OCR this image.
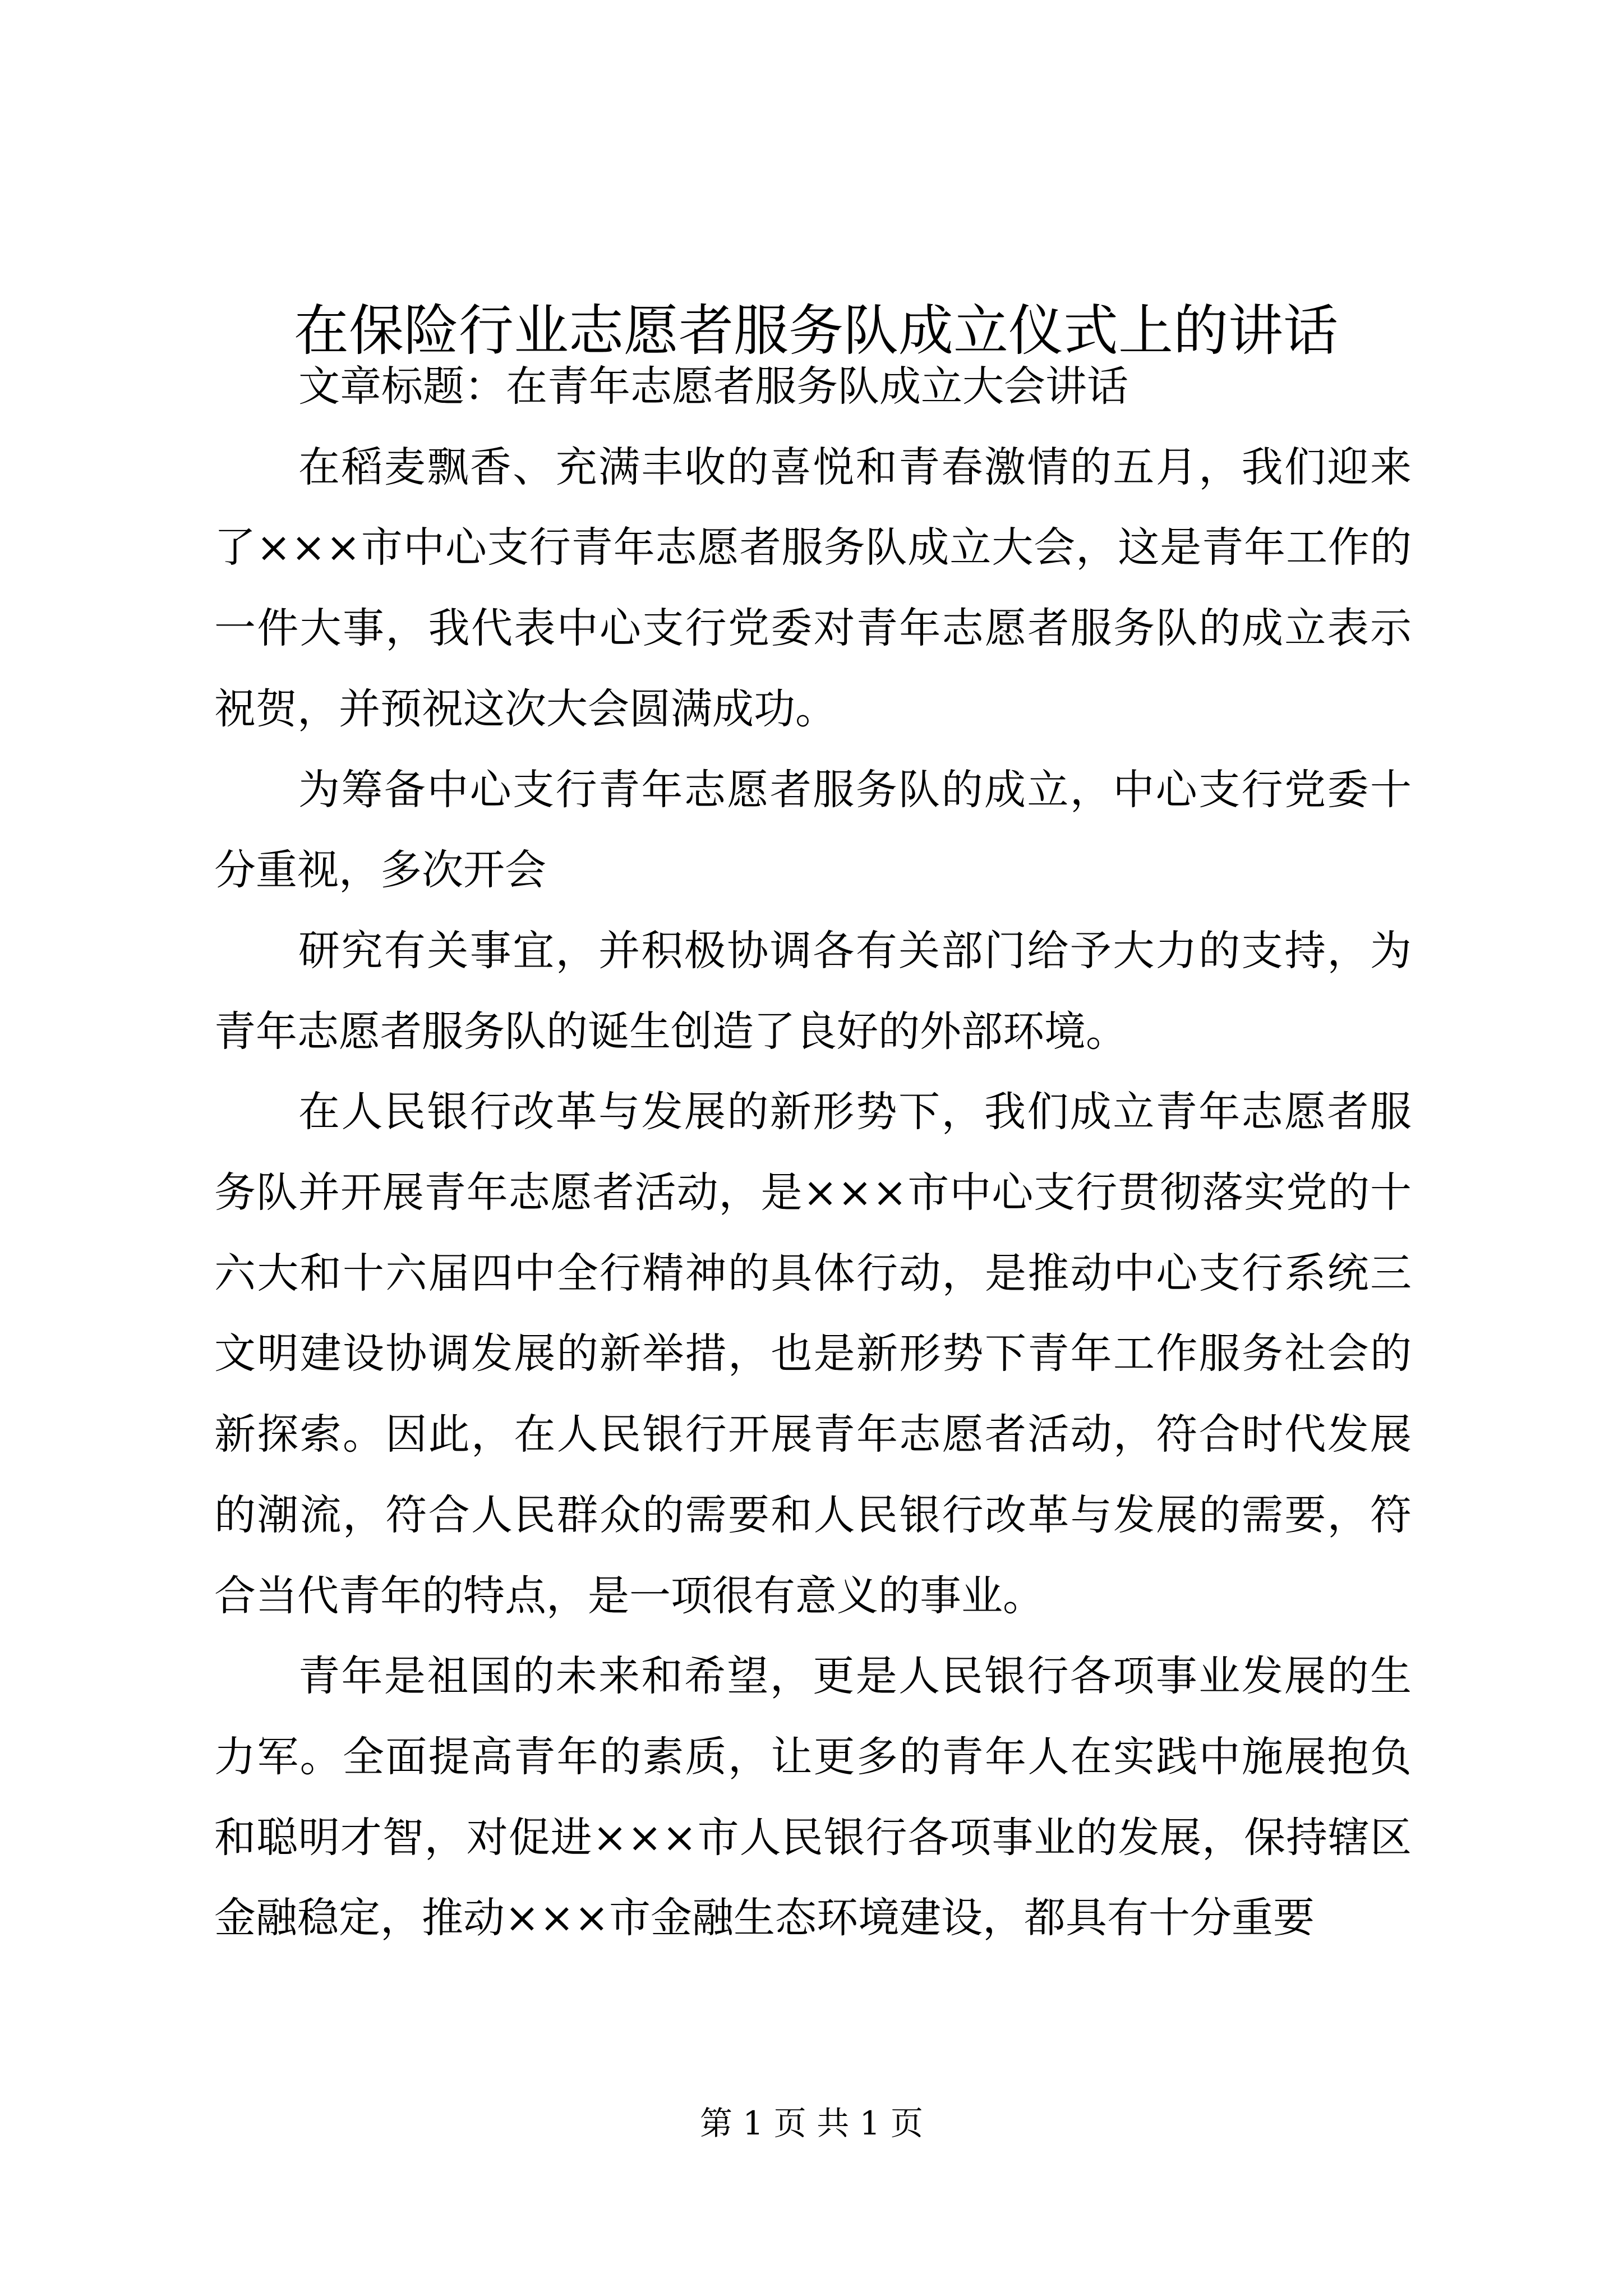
在保险行业志愿者服务队成立仪式上的讲话

文章标题：在青年志愿者服务队成立大会讲话

在稻麦飘香、充满丰收的喜悦和青春激情的五月，我们迎来了×××市中心支行青年志愿者服务队成立大会，这是青年工作的一件大事，我代表中心支行党委对青年志愿者服务队的成立表示祝贺，并预祝这次大会圆满成功。

为筹备中心支行青年志愿者服务队的成立，中心支行党委十分重视，多次开会

研究有关事宜，并积极协调各有关部门给予大力的支持，为青年志愿者服务队的诞生创造了良好的外部环境。

在人民银行改革与发展的新形势下，我们成立青年志愿者服务队并开展青年志愿者活动，是×××市中心支行贯彻落实党的十六大和十六届四中全行精神的具体行动，是推动中心支行系统三文明建设协调发展的新举措，也是新形势下青年工作服务社会的新探索。因此，在人民银行开展青年志愿者活动，符合时代发展的潮流，符合人民群众的需要和人民银行改革与发展的需要，符合当代青年的特点，是一项很有意义的事业。

青年是祖国的未来和希望，更是人民银行各项事业发展的生力军。全面提高青年的素质，让更多的青年人在实践中施展抱负和聪明才智，对促进×××市人民银行各项事业的发展，保持辖区金融稳定，推动×××市金融生态环境建设，都具有十分重要

第 1 页 共 1 页
